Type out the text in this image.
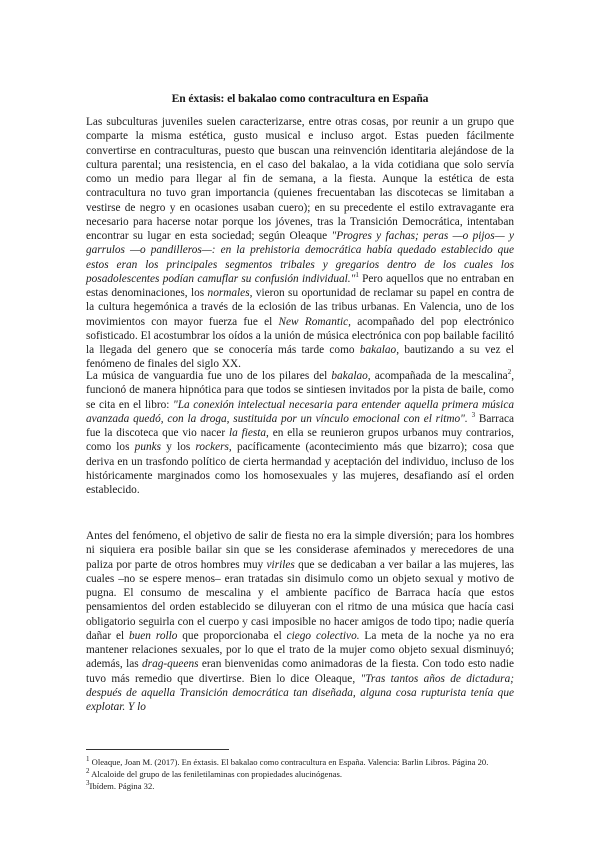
En éxtasis: el bakalao como contracultura en España

Las subculturas juveniles suelen caracterizarse, entre otras cosas, por reunir a un grupo que comparte la misma estética, gusto musical e incluso argot. Estas pueden fácilmente convertirse en contraculturas, puesto que buscan una reinvención identitaria alejándose de la cultura parental; una resistencia, en el caso del bakalao, a la vida cotidiana que solo servía como un medio para llegar al fin de semana, a la fiesta. Aunque la estética de esta contracultura no tuvo gran importancia (quienes frecuentaban las discotecas se limitaban a vestirse de negro y en ocasiones usaban cuero); en su precedente el estilo extravagante era necesario para hacerse notar porque los jóvenes, tras la Transición Democrática, intentaban encontrar su lugar en esta sociedad; según Oleaque "Progres y fachas; peras —o pijos— y garrulos —o pandilleros—: en la prehistoria democrática había quedado establecido que estos eran los principales segmentos tribales y gregarios dentro de los cuales los posadolescentes podían camuflar su confusión individual."$^1$ Pero aquellos que no entraban en estas denominaciones, los normales, vieron su oportunidad de reclamar su papel en contra de la cultura hegemónica a través de la eclosión de las tribus urbanas. En Valencia, uno de los movimientos con mayor fuerza fue el New Romantic, acompañado del pop electrónico sofisticado. El acostumbrar los oídos a la unión de música electrónica con pop bailable facilitó la llegada del genero que se conocería más tarde como bakalao, bautizando a su vez el fenómeno de finales del siglo XX.

La música de vanguardia fue uno de los pilares del bakalao, acompañada de la mescalina$^2$, funcionó de manera hipnótica para que todos se sintiesen invitados por la pista de baile, como se cita en el libro: "La conexión intelectual necesaria para entender aquella primera música avanzada quedó, con la droga, sustituida por un vínculo emocional con el ritmo". $^3$ Barraca fue la discoteca que vio nacer la fiesta, en ella se reunieron grupos urbanos muy contrarios, como los punks y los rockers, pacíficamente (acontecimiento más que bizarro); cosa que deriva en un trasfondo político de cierta hermandad y aceptación del individuo, incluso de los históricamente marginados como los homosexuales y las mujeres, desafiando así el orden establecido.

Antes del fenómeno, el objetivo de salir de fiesta no era la simple diversión; para los hombres ni siquiera era posible bailar sin que se les considerase afeminados y merecedores de una paliza por parte de otros hombres muy viriles que se dedicaban a ver bailar a las mujeres, las cuales –no se espere menos– eran tratadas sin disimulo como un objeto sexual y motivo de pugna. El consumo de mescalina y el ambiente pacífico de Barraca hacía que estos pensamientos del orden establecido se diluyeran con el ritmo de una música que hacía casi obligatorio seguirla con el cuerpo y casi imposible no hacer amigos de todo tipo; nadie quería dañar el buen rollo que proporcionaba el ciego colectivo. La meta de la noche ya no era mantener relaciones sexuales, por lo que el trato de la mujer como objeto sexual disminuyó; además, las drag-queens eran bienvenidas como animadoras de la fiesta. Con todo esto nadie tuvo más remedio que divertirse. Bien lo dice Oleaque, "Tras tantos años de dictadura; después de aquella Transición democrática tan diseñada, alguna cosa rupturista tenía que explotar. Y lo

$^1$ Oleaque, Joan M. (2017). En éxtasis. El bakalao como contracultura en España. Valencia: Barlin Libros. Página 20.

$^2$ Alcaloide del grupo de las feniletilaminas con propiedades alucinógenas.

$^3$Ibídem. Página 32.
